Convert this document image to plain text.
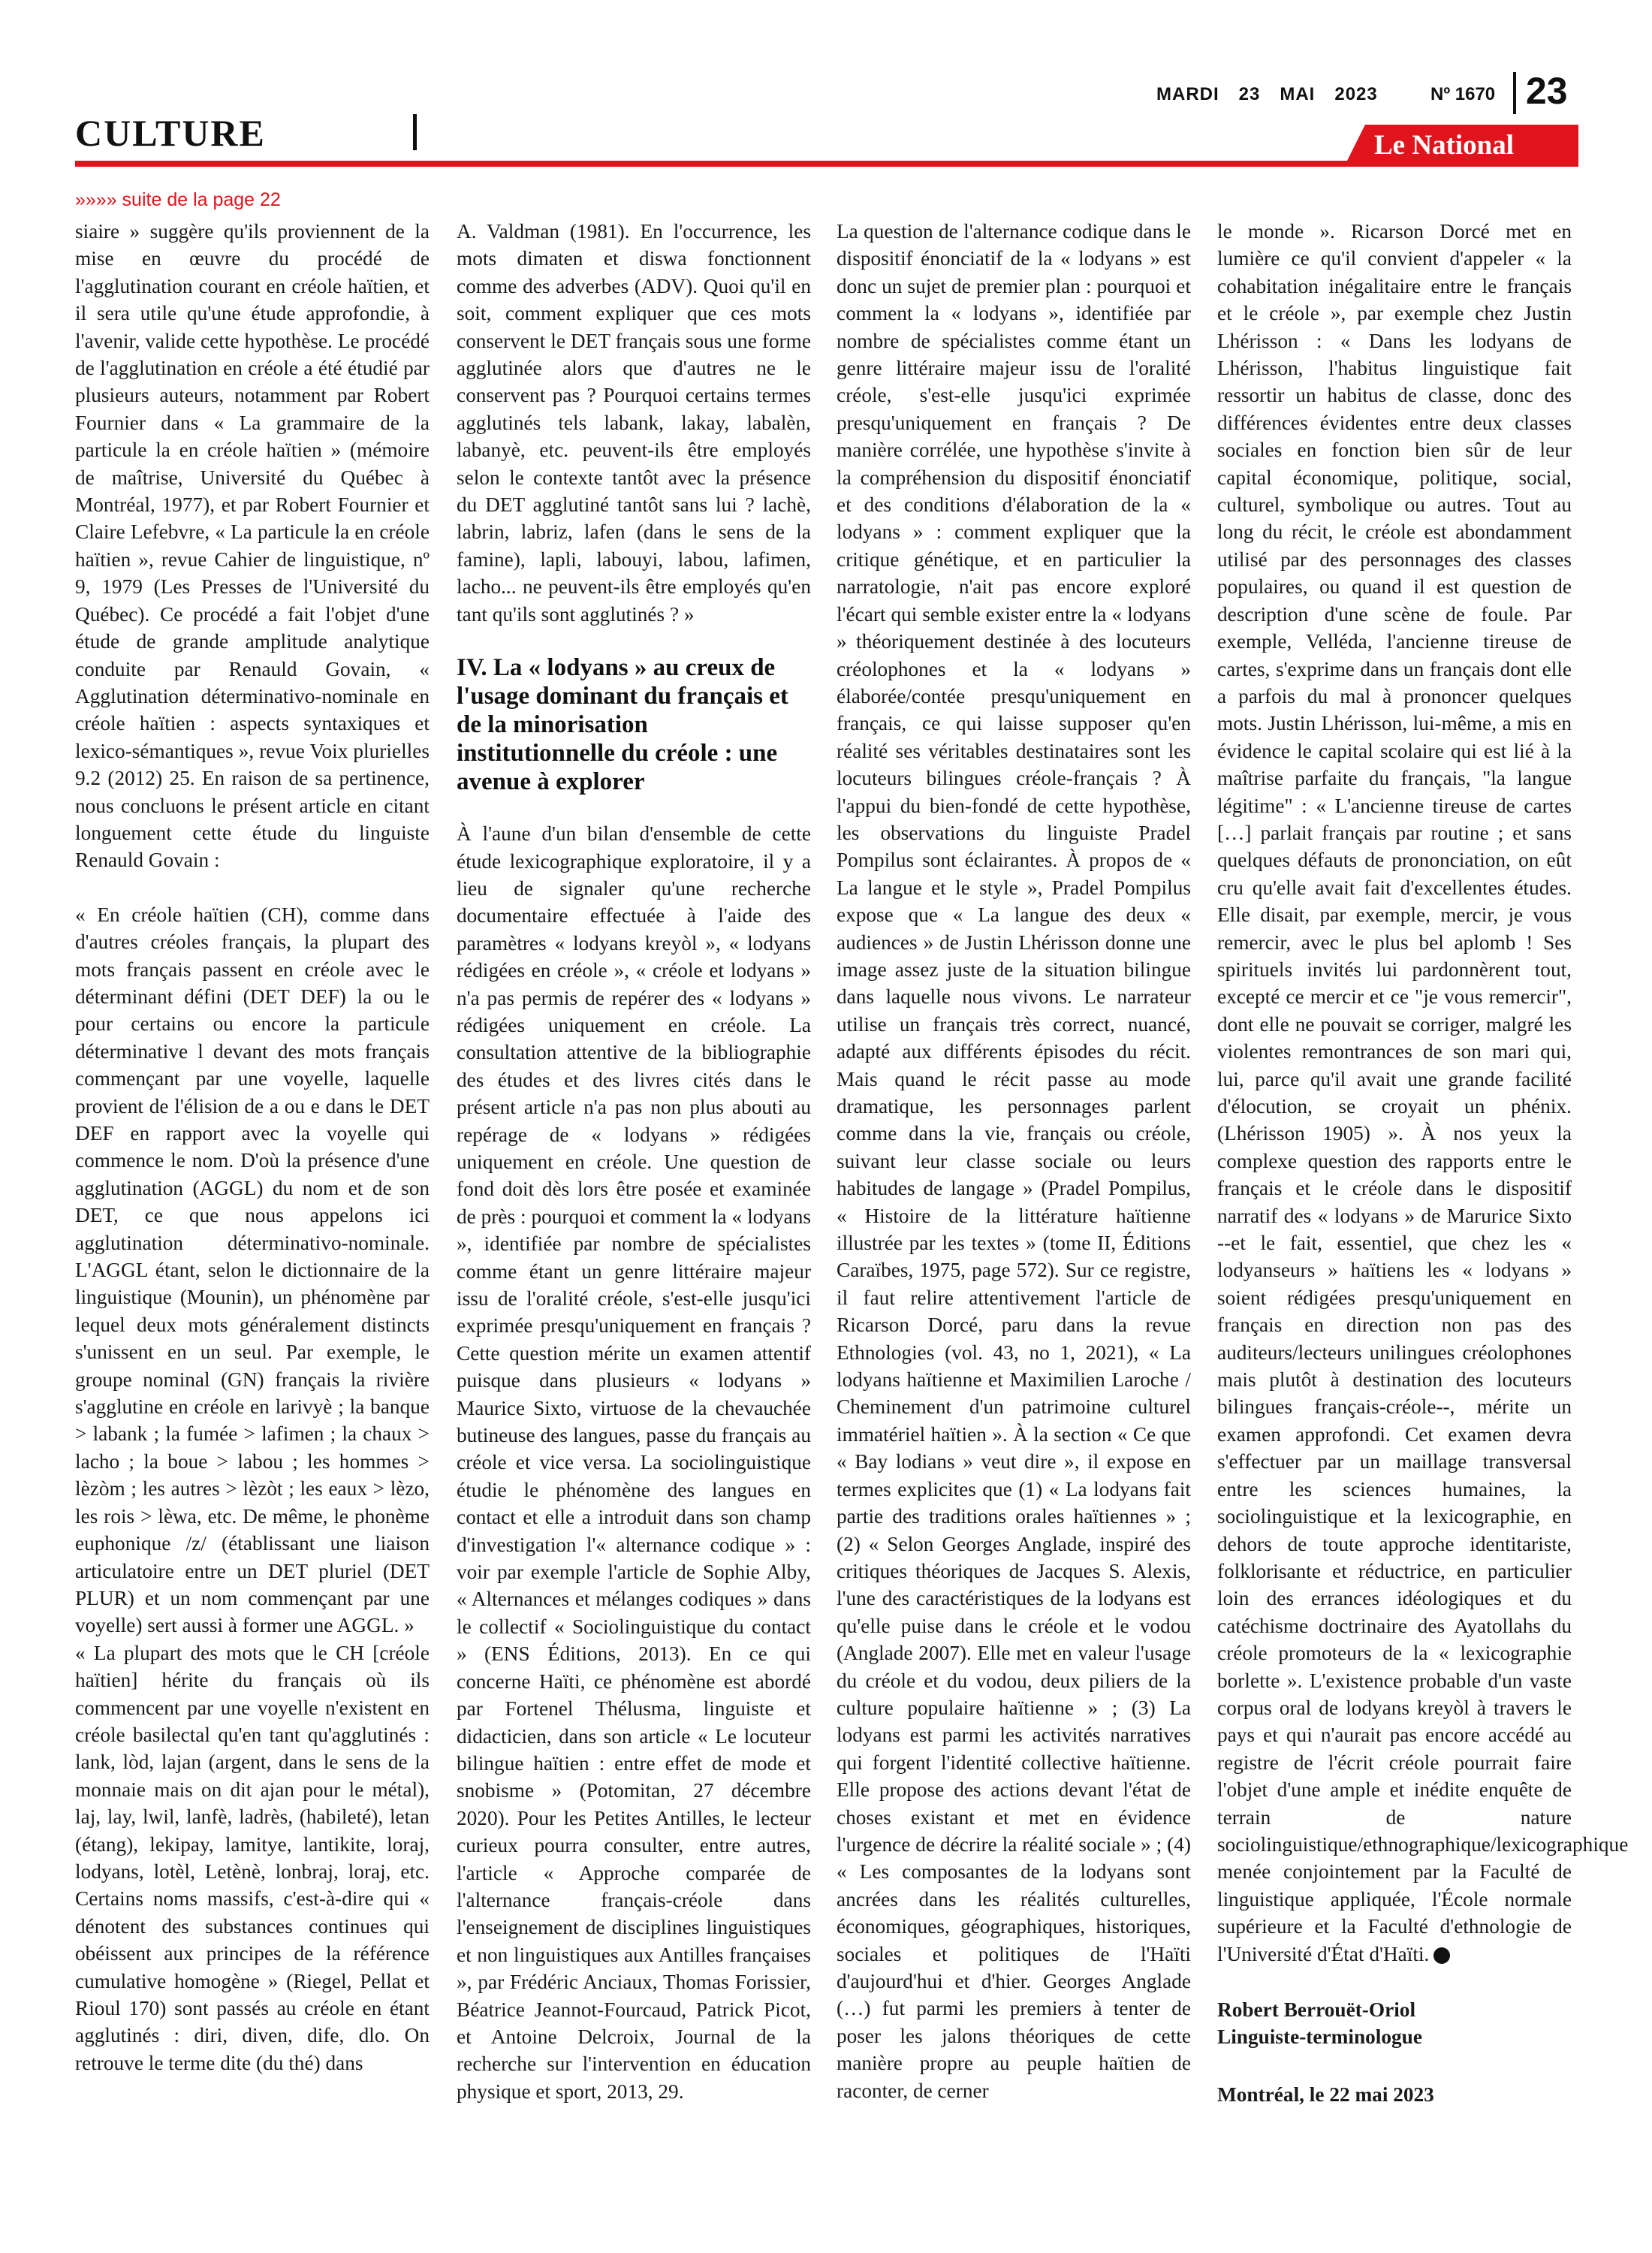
CULTURE
MARDI 23 MAI 2023	Nº 1670 23
Le National
»»»» suite de la page 22

siaire » suggère qu'ils proviennent de la mise en œuvre du procédé de l'agglutination courant en créole haïtien, et il sera utile qu'une étude approfondie, à l'avenir, valide cette hypothèse. Le procédé de l'agglutination en créole a été étudié par plusieurs auteurs, notamment par Robert Fournier dans « La grammaire de la particule la en créole haïtien » (mémoire de maîtrise, Université du Québec à Montréal, 1977), et par Robert Fournier et Claire Lefebvre, « La particule la en créole haïtien », revue Cahier de linguistique, nº 9, 1979 (Les Presses de l'Université du Québec). Ce procédé a fait l'objet d'une étude de grande amplitude analytique conduite par Renauld Govain, « Agglutination déterminativo-nominale en créole haïtien : aspects syntaxiques et lexico-sémantiques », revue Voix plurielles 9.2 (2012) 25. En raison de sa pertinence, nous concluons le présent article en citant longuement cette étude du linguiste Renauld Govain :

« En créole haïtien (CH), comme dans d'autres créoles français, la plupart des mots français passent en créole avec le déterminant défini (DET DEF) la ou le pour certains ou encore la particule déterminative l devant des mots français commençant par une voyelle, laquelle provient de l'élision de a ou e dans le DET DEF en rapport avec la voyelle qui commence le nom. D'où la présence d'une agglutination (AGGL) du nom et de son DET, ce que nous appelons ici agglutination déterminativo-nominale. L'AGGL étant, selon le dictionnaire de la linguistique (Mounin), un phénomène par lequel deux mots généralement distincts s'unissent en un seul. Par exemple, le groupe nominal (GN) français la rivière s'agglutine en créole en larivyè ; la banque > labank ; la fumée > lafimen ; la chaux > lacho ; la boue > labou ; les hommes > lèzòm ; les autres > lèzòt ; les eaux > lèzo, les rois > lèwa, etc. De même, le phonème euphonique /z/ (établissant une liaison articulatoire entre un DET pluriel (DET PLUR) et un nom commençant par une voyelle) sert aussi à former une AGGL. »

« La plupart des mots que le CH [créole haïtien] hérite du français où ils commencent par une voyelle n'existent en créole basilectal qu'en tant qu'agglutinés : lank, lòd, lajan (argent, dans le sens de la monnaie mais on dit ajan pour le métal), laj, lay, lwil, lanfè, ladrès, (habileté), letan (étang), lekipay, lamitye, lantikite, loraj, lodyans, lotèl, Letènè, lonbraj, loraj, etc. Certains noms massifs, c'est-à-dire qui « dénotent des substances continues qui obéissent aux principes de la référence cumulative homogène » (Riegel, Pellat et Rioul 170) sont passés au créole en étant agglutinés : diri, diven, dife, dlo. On retrouve le terme dite (du thé) dans

A. Valdman (1981). En l'occurrence, les mots dimaten et diswa fonctionnent comme des adverbes (ADV). Quoi qu'il en soit, comment expliquer que ces mots conservent le DET français sous une forme agglutinée alors que d'autres ne le conservent pas ? Pourquoi certains termes agglutinés tels labank, lakay, labalèn, labanyè, etc. peuvent-ils être employés selon le contexte tantôt avec la présence du DET agglutiné tantôt sans lui ? lachè, labrin, labriz, lafen (dans le sens de la famine), lapli, labouyi, labou, lafimen, lacho... ne peuvent-ils être employés qu'en tant qu'ils sont agglutinés ? »

IV. La « lodyans » au creux de l'usage dominant du français et de la minorisation institutionnelle du créole : une avenue à explorer

À l'aune d'un bilan d'ensemble de cette étude lexicographique exploratoire, il y a lieu de signaler qu'une recherche documentaire effectuée à l'aide des paramètres « lodyans kreyòl », « lodyans rédigées en créole », « créole et lodyans » n'a pas permis de repérer des « lodyans » rédigées uniquement en créole. La consultation attentive de la bibliographie des études et des livres cités dans le présent article n'a pas non plus abouti au repérage de « lodyans » rédigées uniquement en créole. Une question de fond doit dès lors être posée et examinée de près : pourquoi et comment la « lodyans », identifiée par nombre de spécialistes comme étant un genre littéraire majeur issu de l'oralité créole, s'est-elle jusqu'ici exprimée presqu'uniquement en français ? Cette question mérite un examen attentif puisque dans plusieurs « lodyans » Maurice Sixto, virtuose de la chevauchée butineuse des langues, passe du français au créole et vice versa. La sociolinguistique étudie le phénomène des langues en contact et elle a introduit dans son champ d'investigation l'« alternance codique » : voir par exemple l'article de Sophie Alby, « Alternances et mélanges codiques » dans le collectif « Sociolinguistique du contact » (ENS Éditions, 2013). En ce qui concerne Haïti, ce phénomène est abordé par Fortenel Thélusma, linguiste et didacticien, dans son article « Le locuteur bilingue haïtien : entre effet de mode et snobisme » (Potomitan, 27 décembre 2020). Pour les Petites Antilles, le lecteur curieux pourra consulter, entre autres, l'article « Approche comparée de l'alternance français-créole dans l'enseignement de disciplines linguistiques et non linguistiques aux Antilles françaises », par Frédéric Anciaux, Thomas Forissier, Béatrice Jeannot-Fourcaud, Patrick Picot, et Antoine Delcroix, Journal de la recherche sur l'intervention en éducation physique et sport, 2013, 29.

La question de l'alternance codique dans le dispositif énonciatif de la « lodyans » est donc un sujet de premier plan : pourquoi et comment la « lodyans », identifiée par nombre de spécialistes comme étant un genre littéraire majeur issu de l'oralité créole, s'est-elle jusqu'ici exprimée presqu'uniquement en français ? De manière corrélée, une hypothèse s'invite à la compréhension du dispositif énonciatif et des conditions d'élaboration de la « lodyans » : comment expliquer que la critique génétique, et en particulier la narratologie, n'ait pas encore exploré l'écart qui semble exister entre la « lodyans » théoriquement destinée à des locuteurs créolophones et la « lodyans » élaborée/contée presqu'uniquement en français, ce qui laisse supposer qu'en réalité ses véritables destinataires sont les locuteurs bilingues créole-français ? À l'appui du bien-fondé de cette hypothèse, les observations du linguiste Pradel Pompilus sont éclairantes. À propos de « La langue et le style », Pradel Pompilus expose que « La langue des deux « audiences » de Justin Lhérisson donne une image assez juste de la situation bilingue dans laquelle nous vivons. Le narrateur utilise un français très correct, nuancé, adapté aux différents épisodes du récit. Mais quand le récit passe au mode dramatique, les personnages parlent comme dans la vie, français ou créole, suivant leur classe sociale ou leurs habitudes de langage » (Pradel Pompilus, « Histoire de la littérature haïtienne illustrée par les textes » (tome II, Éditions Caraïbes, 1975, page 572). Sur ce registre, il faut relire attentivement l'article de Ricarson Dorcé, paru dans la revue Ethnologies (vol. 43, no 1, 2021), « La lodyans haïtienne et Maximilien Laroche / Cheminement d'un patrimoine culturel immatériel haïtien ». À la section « Ce que « Bay lodians » veut dire », il expose en termes explicites que (1) « La lodyans fait partie des traditions orales haïtiennes » ; (2) « Selon Georges Anglade, inspiré des critiques théoriques de Jacques S. Alexis, l'une des caractéristiques de la lodyans est qu'elle puise dans le créole et le vodou (Anglade 2007). Elle met en valeur l'usage du créole et du vodou, deux piliers de la culture populaire haïtienne » ; (3) La lodyans est parmi les activités narratives qui forgent l'identité collective haïtienne. Elle propose des actions devant l'état de choses existant et met en évidence l'urgence de décrire la réalité sociale » ; (4) « Les composantes de la lodyans sont ancrées dans les réalités culturelles, économiques, géographiques, historiques, sociales et politiques de l'Haïti d'aujourd'hui et d'hier. Georges Anglade (…) fut parmi les premiers à tenter de poser les jalons théoriques de cette manière propre au peuple haïtien de raconter, de cerner

le monde ». Ricarson Dorcé met en lumière ce qu'il convient d'appeler « la cohabitation inégalitaire entre le français et le créole », par exemple chez Justin Lhérisson : « Dans les lodyans de Lhérisson, l'habitus linguistique fait ressortir un habitus de classe, donc des différences évidentes entre deux classes sociales en fonction bien sûr de leur capital économique, politique, social, culturel, symbolique ou autres. Tout au long du récit, le créole est abondamment utilisé par des personnages des classes populaires, ou quand il est question de description d'une scène de foule. Par exemple, Velléda, l'ancienne tireuse de cartes, s'exprime dans un français dont elle a parfois du mal à prononcer quelques mots. Justin Lhérisson, lui-même, a mis en évidence le capital scolaire qui est lié à la maîtrise parfaite du français, "la langue légitime" : « L'ancienne tireuse de cartes […] parlait français par routine ; et sans quelques défauts de prononciation, on eût cru qu'elle avait fait d'excellentes études. Elle disait, par exemple, mercir, je vous remercir, avec le plus bel aplomb ! Ses spirituels invités lui pardonnèrent tout, excepté ce mercir et ce "je vous remercir", dont elle ne pouvait se corriger, malgré les violentes remontrances de son mari qui, lui, parce qu'il avait une grande facilité d'élocution, se croyait un phénix. (Lhérisson 1905) ». À nos yeux la complexe question des rapports entre le français et le créole dans le dispositif narratif des « lodyans » de Marurice Sixto --et le fait, essentiel, que chez les « lodyanseurs » haïtiens les « lodyans » soient rédigées presqu'uniquement en français en direction non pas des auditeurs/lecteurs unilingues créolophones mais plutôt à destination des locuteurs bilingues français-créole--, mérite un examen approfondi. Cet examen devra s'effectuer par un maillage transversal entre les sciences humaines, la sociolinguistique et la lexicographie, en dehors de toute approche identitariste, folklorisante et réductrice, en particulier loin des errances idéologiques et du catéchisme doctrinaire des Ayatollahs du créole promoteurs de la « lexicographie borlette ». L'existence probable d'un vaste corpus oral de lodyans kreyòl à travers le pays et qui n'aurait pas encore accédé au registre de l'écrit créole pourrait faire l'objet d'une ample et inédite enquête de terrain de nature sociolinguistique/ethnographique/lexicographique menée conjointement par la Faculté de linguistique appliquée, l'École normale supérieure et la Faculté d'ethnologie de l'Université d'État d'Haïti.

Robert Berrouët-Oriol
Linguiste-terminologue
Montréal, le 22 mai 2023
